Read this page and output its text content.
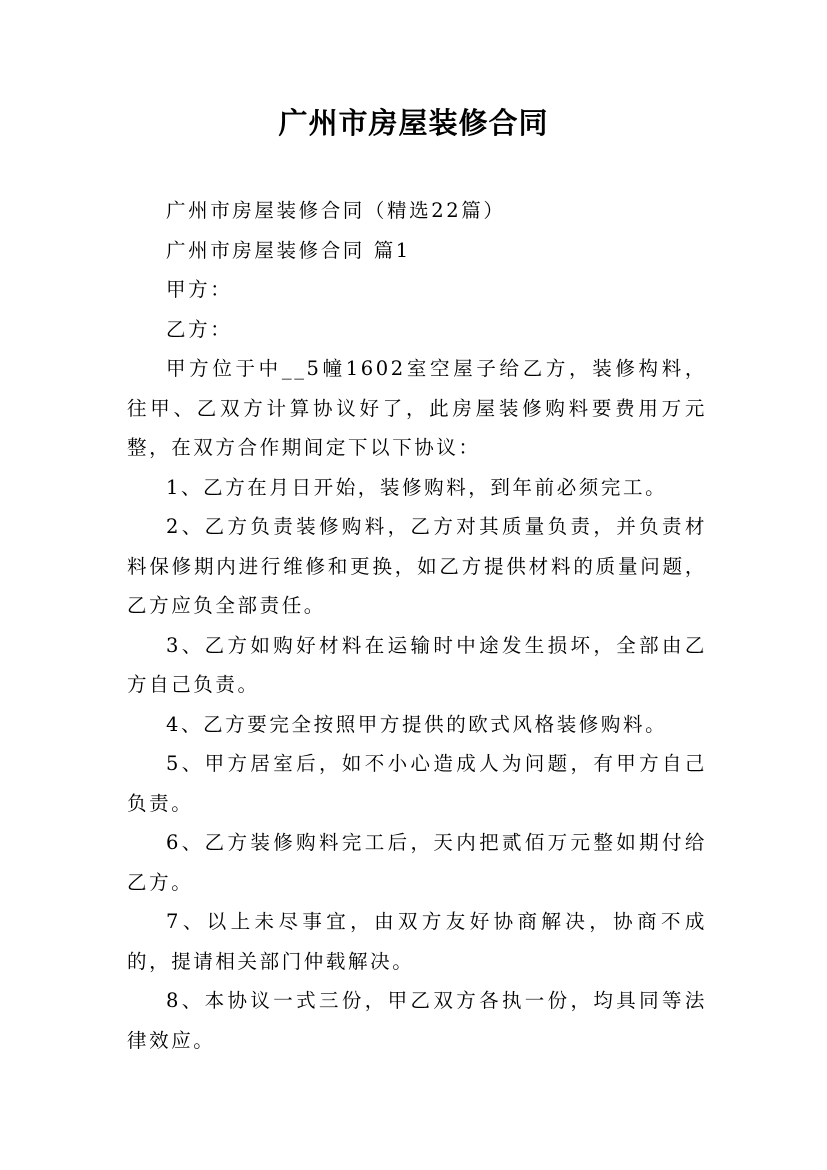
广州市房屋装修合同

广州市房屋装修合同（精选22篇）

广州市房屋装修合同 篇1

甲方：

乙方：

甲方位于中__5幢1602室空屋子给乙方，装修构料，往甲、乙双方计算协议好了，此房屋装修购料要费用万元整，在双方合作期间定下以下协议：

1、乙方在月日开始，装修购料，到年前必须完工。

2、乙方负责装修购料，乙方对其质量负责，并负责材料保修期内进行维修和更换，如乙方提供材料的质量问题，乙方应负全部责任。

3、乙方如购好材料在运输时中途发生损坏，全部由乙方自己负责。

4、乙方要完全按照甲方提供的欧式风格装修购料。

5、甲方居室后，如不小心造成人为问题，有甲方自己负责。

6、乙方装修购料完工后，天内把贰佰万元整如期付给乙方。

7、以上未尽事宜，由双方友好协商解决，协商不成的，提请相关部门仲载解决。

8、本协议一式三份，甲乙双方各执一份，均具同等法律效应。
